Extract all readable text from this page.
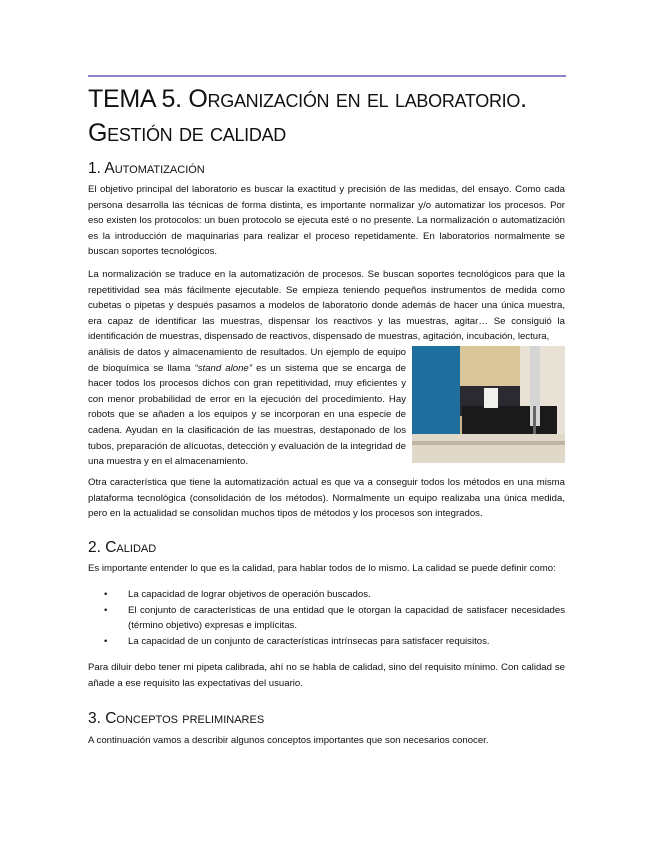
TEMA 5. Organización en el laboratorio. Gestión de calidad
1. Automatización

El objetivo principal del laboratorio es buscar la exactitud y precisión de las medidas, del ensayo. Como cada persona desarrolla las técnicas de forma distinta, es importante normalizar y/o automatizar los procesos. Por eso existen los protocolos: un buen protocolo se ejecuta esté o no presente. La normalización o automatización es la introducción de maquinarias para realizar el proceso repetidamente. En laboratorios normalmente se buscan soportes tecnológicos.

La normalización se traduce en la automatización de procesos. Se buscan soportes tecnológicos para que la repetitividad sea más fácilmente ejecutable. Se empieza teniendo pequeños instrumentos de medida como cubetas o pipetas y después pasamos a modelos de laboratorio donde además de hacer una única muestra, era capaz de identificar las muestras, dispensar los reactivos y las muestras, agitar… Se consiguió la identificación de muestras, dispensado de reactivos, dispensado de muestras, agitación, incubación, lectura,

análisis de datos y almacenamiento de resultados. Un ejemplo de equipo de bioquímica se llama “stand alone” es un sistema que se encarga de hacer todos los procesos dichos con gran repetitividad, muy eficientes y con menor probabilidad de error en la ejecución del procedimiento. Hay robots que se añaden a los equipos y se incorporan en una especie de cadena. Ayudan en la clasificación de las muestras, destaponado de los tubos, preparación de alícuotas, detección y evaluación de la integridad de una muestra y en el almacenamiento.

Otra característica que tiene la automatización actual es que va a conseguir todos los métodos en una misma plataforma tecnológica (consolidación de los métodos). Normalmente un equipo realizaba una única medida, pero en la actualidad se consolidan muchos tipos de métodos y los procesos son integrados.

2. Calidad

Es importante entender lo que es la calidad, para hablar todos de lo mismo. La calidad se puede definir como:

• La capacidad de lograr objetivos de operación buscados.
• El conjunto de características de una entidad que le otorgan la capacidad de satisfacer necesidades (término objetivo) expresas e implícitas.
• La capacidad de un conjunto de características intrínsecas para satisfacer requisitos.

Para diluir debo tener mi pipeta calibrada, ahí no se habla de calidad, sino del requisito mínimo. Con calidad se añade a ese requisito las expectativas del usuario.

3. Conceptos preliminares

A continuación vamos a describir algunos conceptos importantes que son necesarios conocer.
